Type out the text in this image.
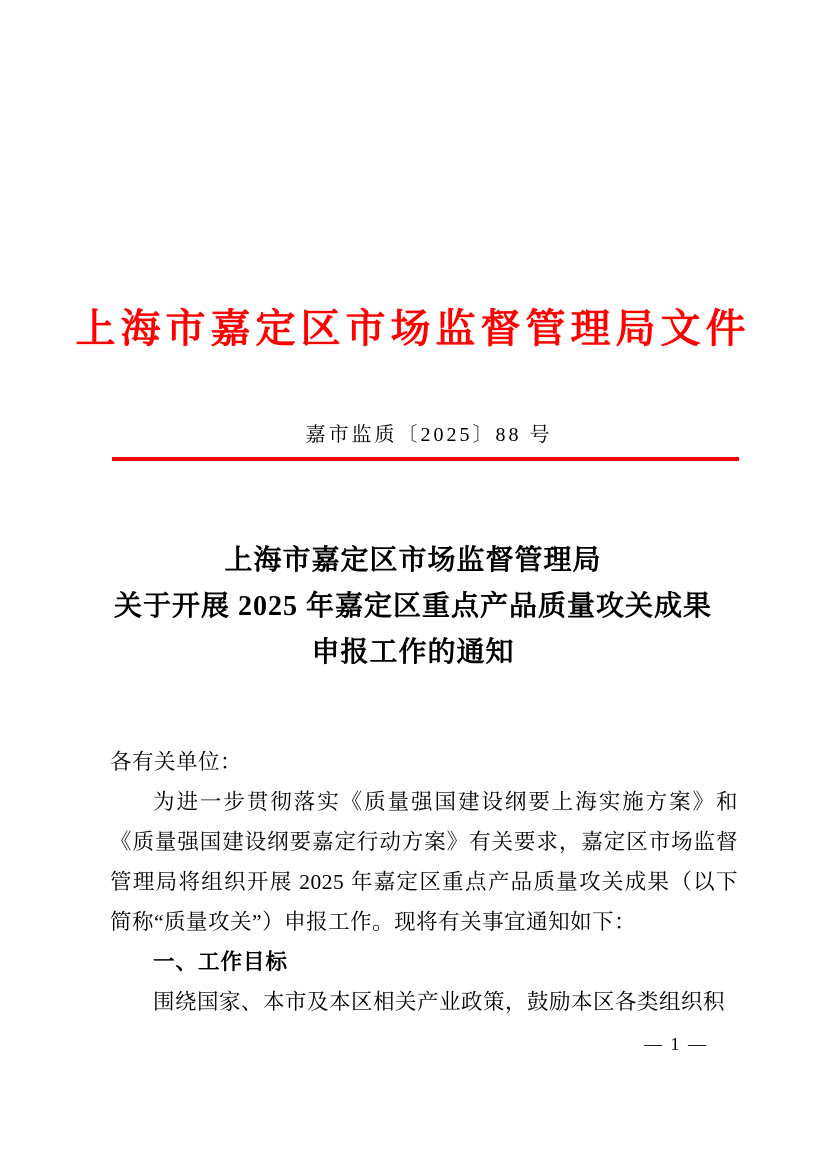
上海市嘉定区市场监督管理局文件
嘉市监质〔2025〕88 号
上海市嘉定区市场监督管理局
关于开展 2025 年嘉定区重点产品质量攻关成果
申报工作的通知

各有关单位：

为进一步贯彻落实《质量强国建设纲要上海实施方案》和《质量强国建设纲要嘉定行动方案》有关要求，嘉定区市场监督管理局将组织开展 2025 年嘉定区重点产品质量攻关成果（以下简称“质量攻关”）申报工作。现将有关事宜通知如下：

一、工作目标

围绕国家、本市及本区相关产业政策，鼓励本区各类组织积

— 1 —
